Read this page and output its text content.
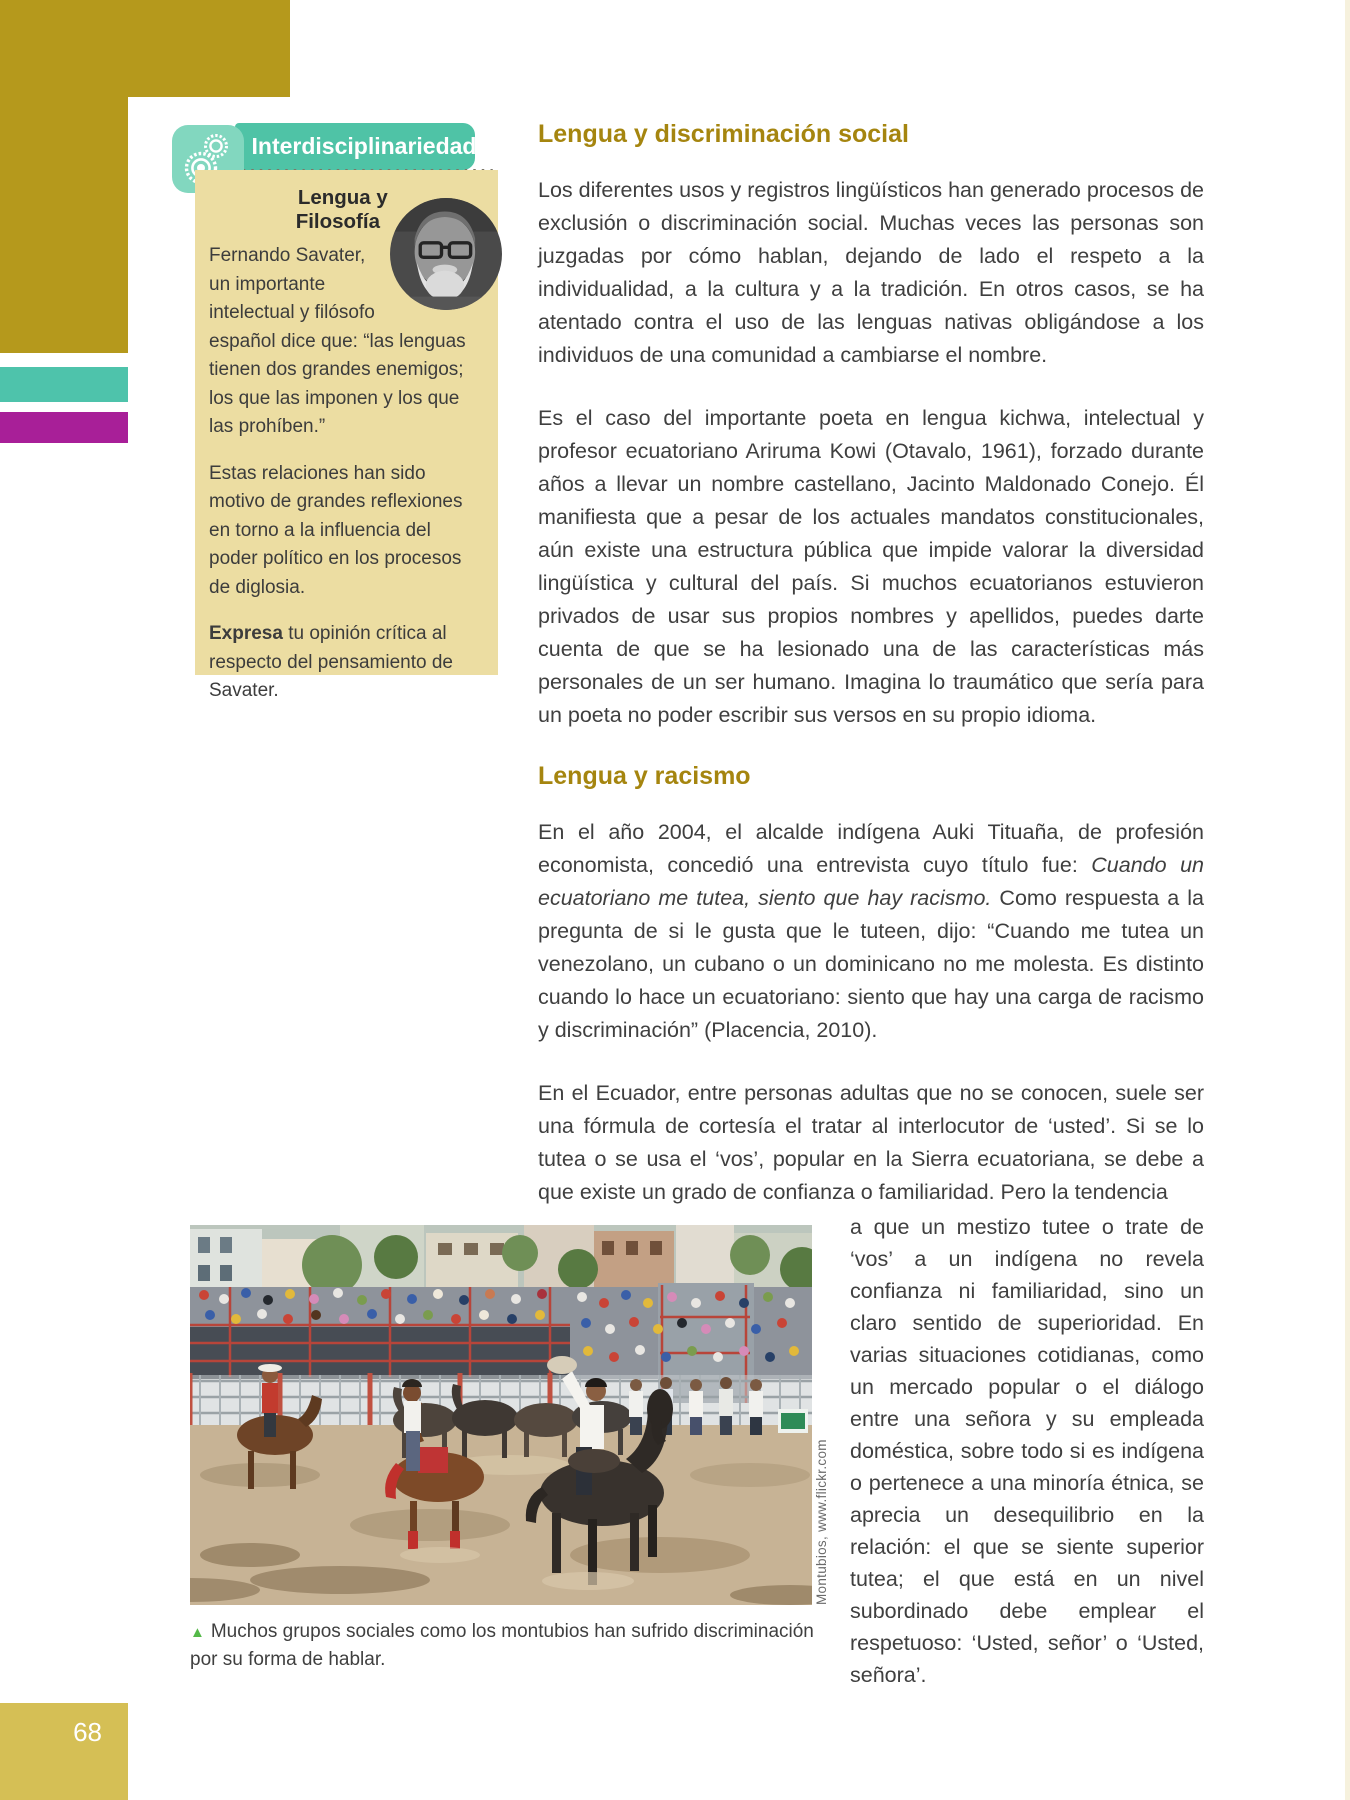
Interdisciplinariedad
Lengua y Filosofía

Fernando Savater, un importante intelectual y filósofo español dice que: “las lenguas tienen dos grandes enemigos; los que las imponen y los que las prohíben.”

Estas relaciones han sido motivo de grandes reflexiones en torno a la influencia del poder político en los procesos de diglosia.

Expresa tu opinión crítica al respecto del pensamiento de Savater.

Lengua y discriminación social

Los diferentes usos y registros lingüísticos han generado procesos de exclusión o discriminación social. Muchas veces las personas son juzgadas por cómo hablan, dejando de lado el respeto a la individualidad, a la cultura y a la tradición. En otros casos, se ha atentado contra el uso de las lenguas nativas obligándose a los individuos de una comunidad a cambiarse el nombre.

Es el caso del importante poeta en lengua kichwa, intelectual y profesor ecuatoriano Ariruma Kowi (Otavalo, 1961), forzado durante años a llevar un nombre castellano, Jacinto Maldonado Conejo. Él manifiesta que a pesar de los actuales mandatos constitucionales, aún existe una estructura pública que impide valorar la diversidad lingüística y cultural del país. Si muchos ecuatorianos estuvieron privados de usar sus propios nombres y apellidos, puedes darte cuenta de que se ha lesionado una de las características más personales de un ser humano. Imagina lo traumático que sería para un poeta no poder escribir sus versos en su propio idioma.

Lengua y racismo

En el año 2004, el alcalde indígena Auki Tituaña, de profesión economista, concedió una entrevista cuyo título fue: Cuando un ecuatoriano me tutea, siento que hay racismo. Como respuesta a la pregunta de si le gusta que le tuteen, dijo: “Cuando me tutea un venezolano, un cubano o un dominicano no me molesta. Es distinto cuando lo hace un ecuatoriano: siento que hay una carga de racismo y discriminación” (Placencia, 2010).

En el Ecuador, entre personas adultas que no se conocen, suele ser una fórmula de cortesía el tratar al interlocutor de ‘usted’. Si se lo tutea o se usa el ‘vos’, popular en la Sierra ecuatoriana, se debe a que existe un grado de confianza o familiaridad. Pero la tendencia

a que un mestizo tutee o trate de ‘vos’ a un indígena no revela confianza ni familiaridad, sino un claro sentido de superioridad. En varias situaciones cotidianas, como un mercado popular o el diálogo entre una señora y su empleada doméstica, sobre todo si es indígena o pertenece a una minoría étnica, se aprecia un desequilibrio en la relación: el que se siente superior tutea; el que está en un nivel subordinado debe emplear el respetuoso: ‘Usted, señor’ o ‘Usted, señora’.
Montubios, www.flickr.com
▲ Muchos grupos sociales como los montubios han sufrido discriminación por su forma de hablar.
68
